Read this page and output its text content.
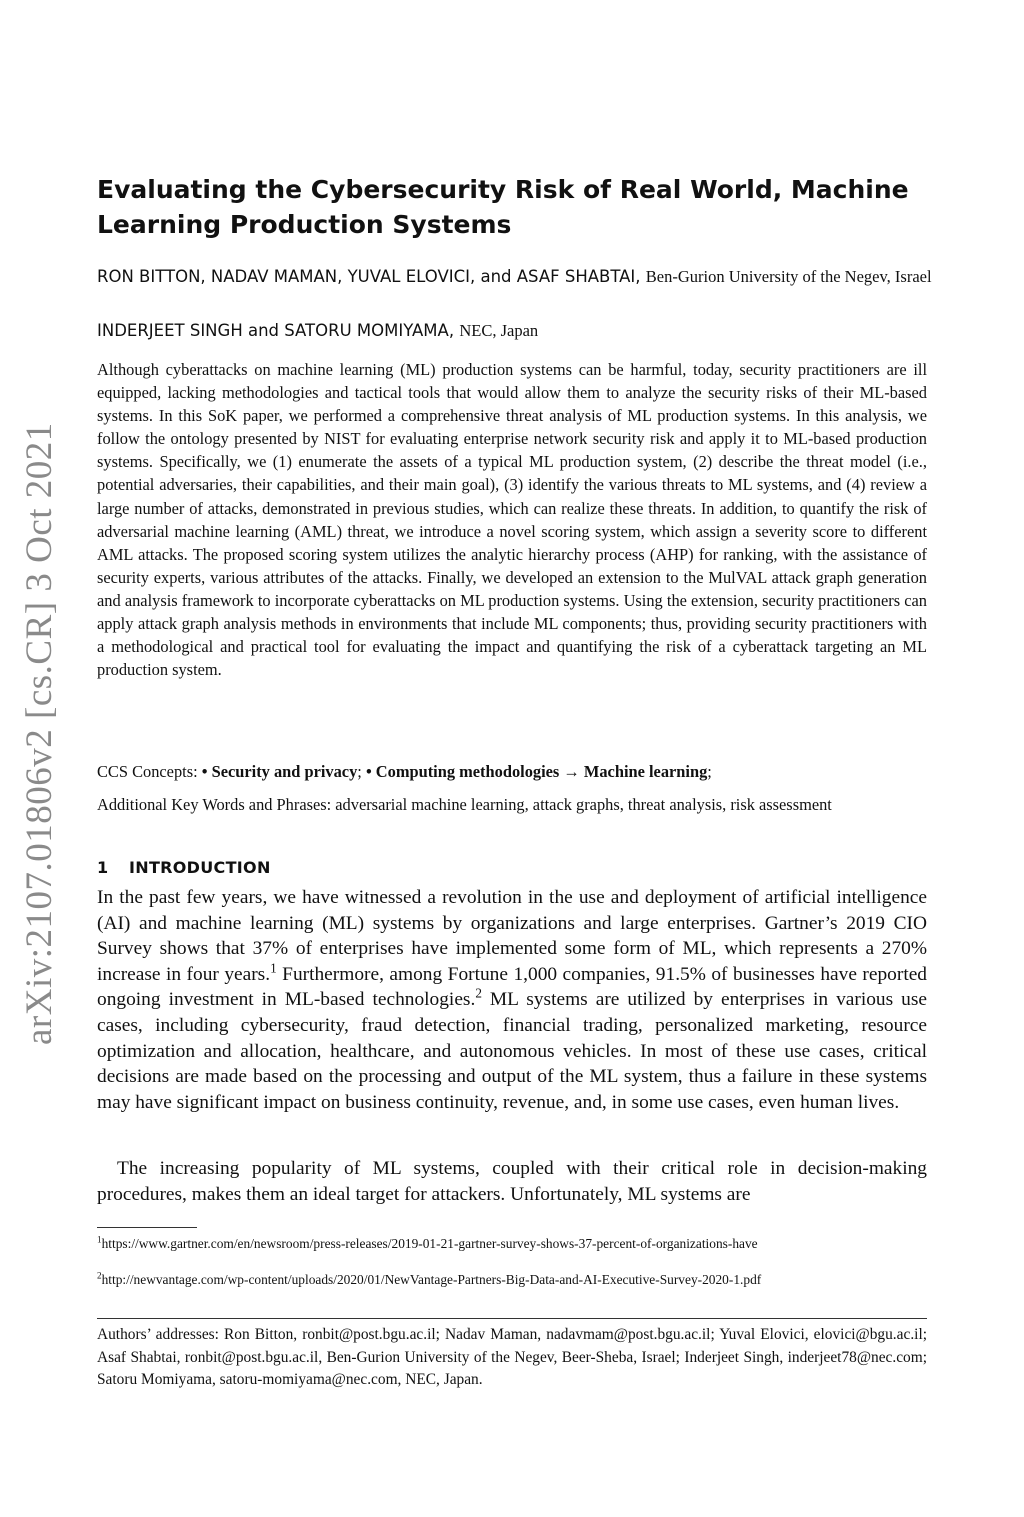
arXiv:2107.01806v2 [cs.CR] 3 Oct 2021
Evaluating the Cybersecurity Risk of Real World, Machine Learning Production Systems
RON BITTON, NADAV MAMAN, YUVAL ELOVICI, and ASAF SHABTAI, Ben-Gurion University of the Negev, Israel
INDERJEET SINGH and SATORU MOMIYAMA, NEC, Japan

Although cyberattacks on machine learning (ML) production systems can be harmful, today, security practitioners are ill equipped, lacking methodologies and tactical tools that would allow them to analyze the security risks of their ML-based systems. In this SoK paper, we performed a comprehensive threat analysis of ML production systems. In this analysis, we follow the ontology presented by NIST for evaluating enterprise network security risk and apply it to ML-based production systems. Specifically, we (1) enumerate the assets of a typical ML production system, (2) describe the threat model (i.e., potential adversaries, their capabilities, and their main goal), (3) identify the various threats to ML systems, and (4) review a large number of attacks, demonstrated in previous studies, which can realize these threats. In addition, to quantify the risk of adversarial machine learning (AML) threat, we introduce a novel scoring system, which assign a severity score to different AML attacks. The proposed scoring system utilizes the analytic hierarchy process (AHP) for ranking, with the assistance of security experts, various attributes of the attacks. Finally, we developed an extension to the MulVAL attack graph generation and analysis framework to incorporate cyberattacks on ML production systems. Using the extension, security practitioners can apply attack graph analysis methods in environments that include ML components; thus, providing security practitioners with a methodological and practical tool for evaluating the impact and quantifying the risk of a cyberattack targeting an ML production system.

CCS Concepts: • Security and privacy; • Computing methodologies → Machine learning;

Additional Key Words and Phrases: adversarial machine learning, attack graphs, threat analysis, risk assessment

1 INTRODUCTION

In the past few years, we have witnessed a revolution in the use and deployment of artificial intelligence (AI) and machine learning (ML) systems by organizations and large enterprises. Gartner’s 2019 CIO Survey shows that 37% of enterprises have implemented some form of ML, which represents a 270% increase in four years.$^1$ Furthermore, among Fortune 1,000 companies, 91.5% of businesses have reported ongoing investment in ML-based technologies.$^2$ ML systems are utilized by enterprises in various use cases, including cybersecurity, fraud detection, financial trading, personalized marketing, resource optimization and allocation, healthcare, and autonomous vehicles. In most of these use cases, critical decisions are made based on the processing and output of the ML system, thus a failure in these systems may have significant impact on business continuity, revenue, and, in some use cases, even human lives.

The increasing popularity of ML systems, coupled with their critical role in decision-making procedures, makes them an ideal target for attackers. Unfortunately, ML systems are

$^1$https://www.gartner.com/en/newsroom/press-releases/2019-01-21-gartner-survey-shows-37-percent-of-organizations-have
$^2$http://newvantage.com/wp-content/uploads/2020/01/NewVantage-Partners-Big-Data-and-AI-Executive-Survey-2020-1.pdf

Authors’ addresses: Ron Bitton, ronbit@post.bgu.ac.il; Nadav Maman, nadavmam@post.bgu.ac.il; Yuval Elovici, elovici@bgu.ac.il; Asaf Shabtai, ronbit@post.bgu.ac.il, Ben-Gurion University of the Negev, Beer-Sheba, Israel; Inderjeet Singh, inderjeet78@nec.com; Satoru Momiyama, satoru-momiyama@nec.com, NEC, Japan.
